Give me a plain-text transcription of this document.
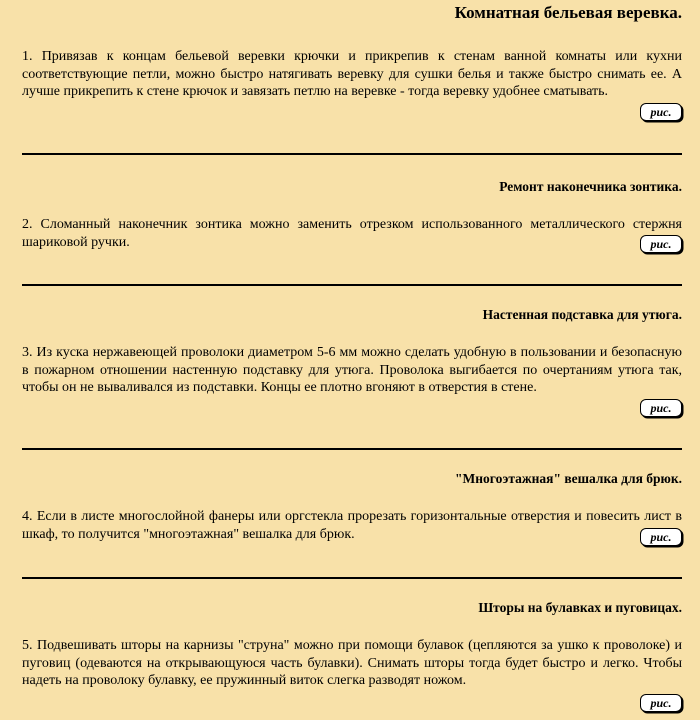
Комнатная бельевая веревка.

1. Привязав к концам бельевой веревки крючки и прикрепив к стенам ванной комнаты или кухни соответствующие петли, можно быстро натягивать веревку для сушки белья и также быстро снимать ее. А лучше прикрепить к стене крючок и завязать петлю на веревке - тогда веревку удобнее сматывать.

рис.
Ремонт наконечника зонтика.

2. Сломанный наконечник зонтика можно заменить отрезком использованного металлического стержня шариковой ручки.	рис.
Настенная подставка для утюга.

3. Из куска нержавеющей проволоки диаметром 5-6 мм можно сделать удобную в пользовании и безопасную в пожарном отношении настенную подставку для утюга. Проволока выгибается по очертаниям утюга так, чтобы он не вываливался из подставки. Концы ее плотно вгоняют в отверстия в стене.

рис.
"Многоэтажная" вешалка для брюк.

4. Если в листе многослойной фанеры или оргстекла прорезать горизонтальные отверстия и повесить лист в шкаф, то получится "многоэтажная" вешалка для брюк.	рис.
Шторы на булавках и пуговицах.

5. Подвешивать шторы на карнизы "струна" можно при помощи булавок (цепляются за ушко к проволоке) и пуговиц (одеваются на открывающуюся часть булавки). Снимать шторы тогда будет быстро и легко. Чтобы надеть на проволоку булавку, ее пружинный виток слегка разводят ножом.

рис.
